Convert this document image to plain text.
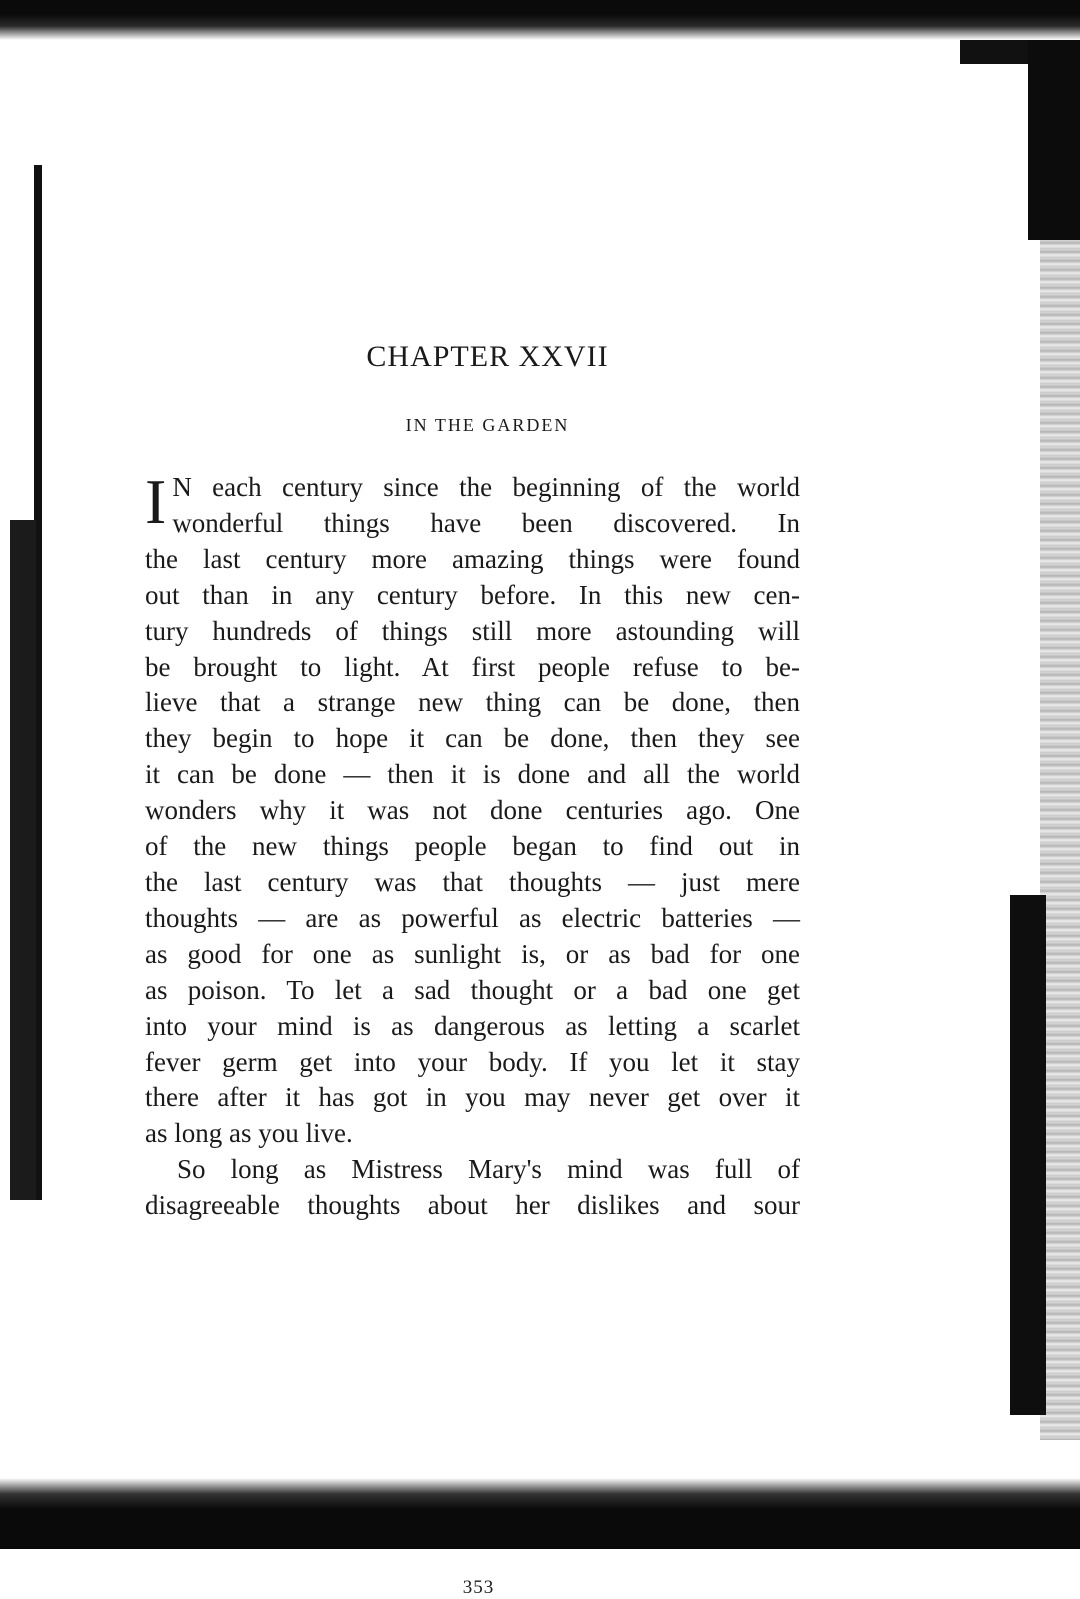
CHAPTER XXVII
IN THE GARDEN
I N each century since the beginning of the world
wonderful things have been discovered. In
the last century more amazing things were found
out than in any century before. In this new cen-
tury hundreds of things still more astounding will
be brought to light. At first people refuse to be-
lieve that a strange new thing can be done, then
they begin to hope it can be done, then they see
it can be done — then it is done and all the world
wonders why it was not done centuries ago. One
of the new things people began to find out in
the last century was that thoughts — just mere
thoughts — are as powerful as electric batteries —
as good for one as sunlight is, or as bad for one
as poison. To let a sad thought or a bad one get
into your mind is as dangerous as letting a scarlet
fever germ get into your body. If you let it stay
there after it has got in you may never get over it
as long as you live.
So long as Mistress Mary's mind was full of
disagreeable thoughts about her dislikes and sour
353
